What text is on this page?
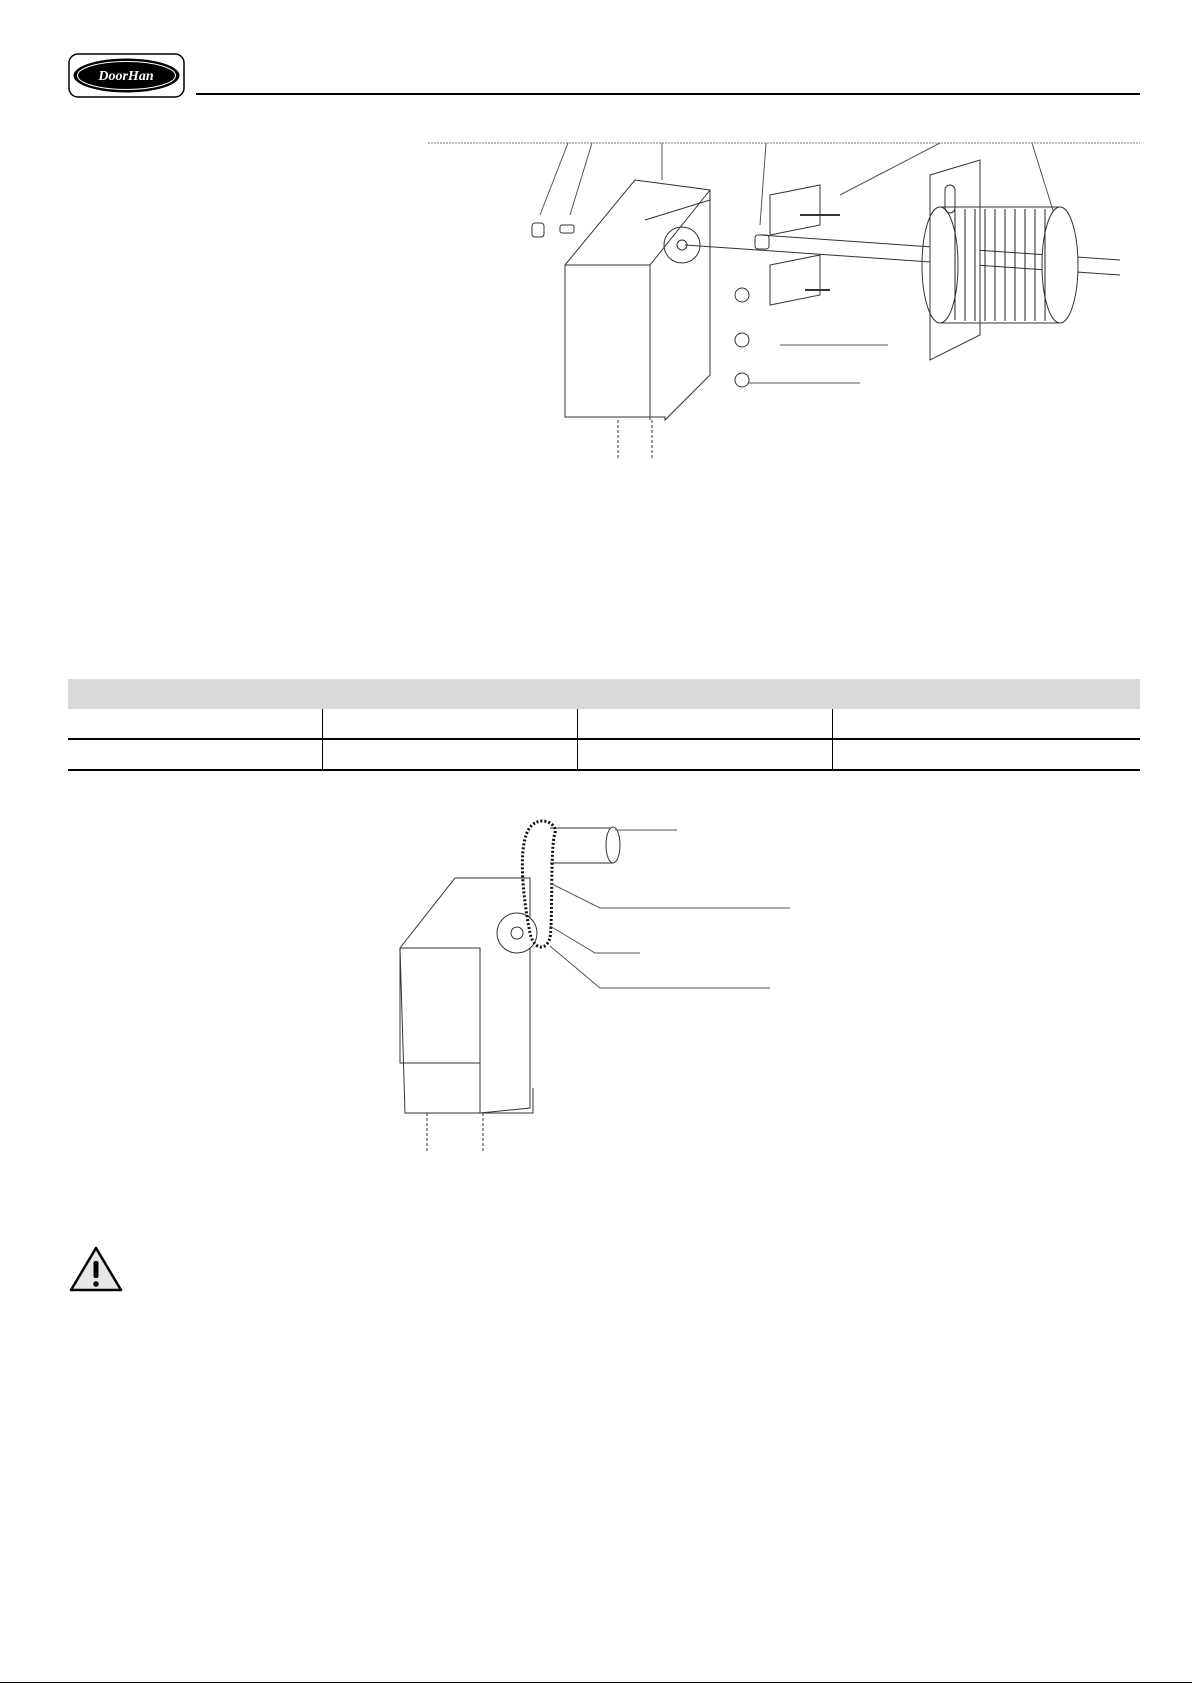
DoorHan
